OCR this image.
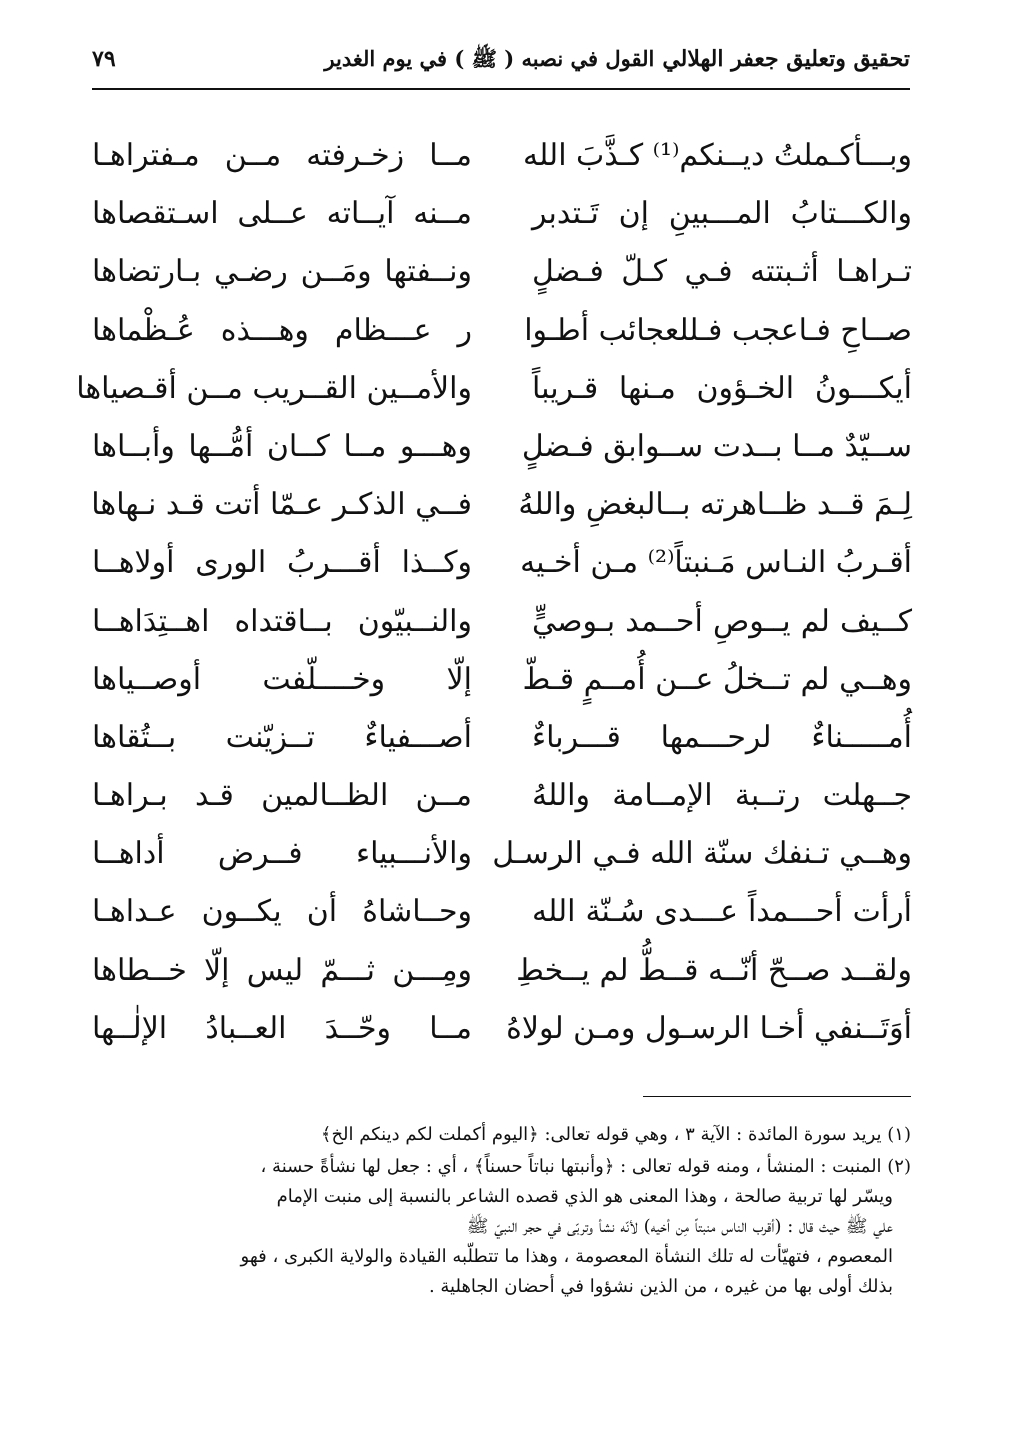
تحقيق وتعليق جعفر الهلالي
القول في نصبه ( ﷺ ) في يوم الغدير
٧٩
وبـــأكـملتُ ديــنكم⁽¹⁾ كـذَّبَ الله
مــا زخـرفته مــن مـفتراهـا
والكـــتابُ المـــبينِ إن تَـتدبر
مــنه آيــاته عــلى اسـتقصاها
تـراهـا أثـبتته فـي كـلّ فـضلٍ
ونــفتها ومَــن رضـي بـارتضاها
صــاحِ فـاعجب فـللعجائب أطـوا
ر عـــظام وهـــذه عُـظْماها
أيكـــونُ الخـؤون مـنها قـريباً
والأمــين القــريب مــن أقـصياها
ســيّدٌ مــا بــدت ســوابق فـضلٍ
وهـــو مــا كــان أمُّــها وأبــاها
لِـمَ قــد ظــاهرته بــالبغضِ واللهُ
فــي الذكـر عـمّا أتت قـد نـهاها
أقـربُ النـاس مَـنبتاً⁽²⁾ مـن أخـيه
وكــذا أقـــربُ الورى أولاهــا
كــيف لم يــوصِ أحــمد بـوصيٍّ
والنــبيّون بــاقتداه اهــتِدَاهــا
وهــي لم تــخلُ عــن أُمــمٍ قـطّ
إلّا وخــــلّفت أوصــياها
أُمـــــناءٌ لرحـــمها قـــرباءٌ
أصـــفياءٌ تــزيّنت بــتُقاها
جــهلت رتــبة الإمــامة واللهُ
مــن الظــالمين قـد بـراهـا
وهــي تـنفك سنّة الله فـي الرسـل
والأنـــبياء فــرض أداهــا
أرأت أحـــمداً عـــدى سُـنّة الله
وحــاشاهُ أن يكــون عـداهـا
ولقــد صــحّ أنّــه قــطُّ لم يــخطِ
ومِـــن ثـــمّ ليس إلّا خــطاها
أوَتَــنفي أخـا الرسـول ومـن لولاهُ
مــا وحّــدَ العــبادُ الإلٰــها
(١) يريد سورة المائدة : الآية ٣ ، وهي قوله تعالى: ﴿اليوم أكملت لكم دينكم الخ﴾
(٢) المنبت : المنشأ ، ومنه قوله تعالى : ﴿وأنبتها نباتاً حسناً﴾ ، أي : جعل لها نشأةً حسنة ،
ويسّر لها تربية صالحة ، وهذا المعنى هو الذي قصده الشاعر بالنسبة إلى منبت الإمام
علي ﷺ حيث قال : (أقرب الناس منبتاً مِن أخيه) لأنّه نشأ وتربّى في حجر النبيّ ﷺ
المعصوم ، فتهيّأت له تلك النشأة المعصومة ، وهذا ما تتطلّبه القيادة والولاية الكبرى ، فهو
بذلك أولى بها من غيره ، من الذين نشؤوا في أحضان الجاهلية .
